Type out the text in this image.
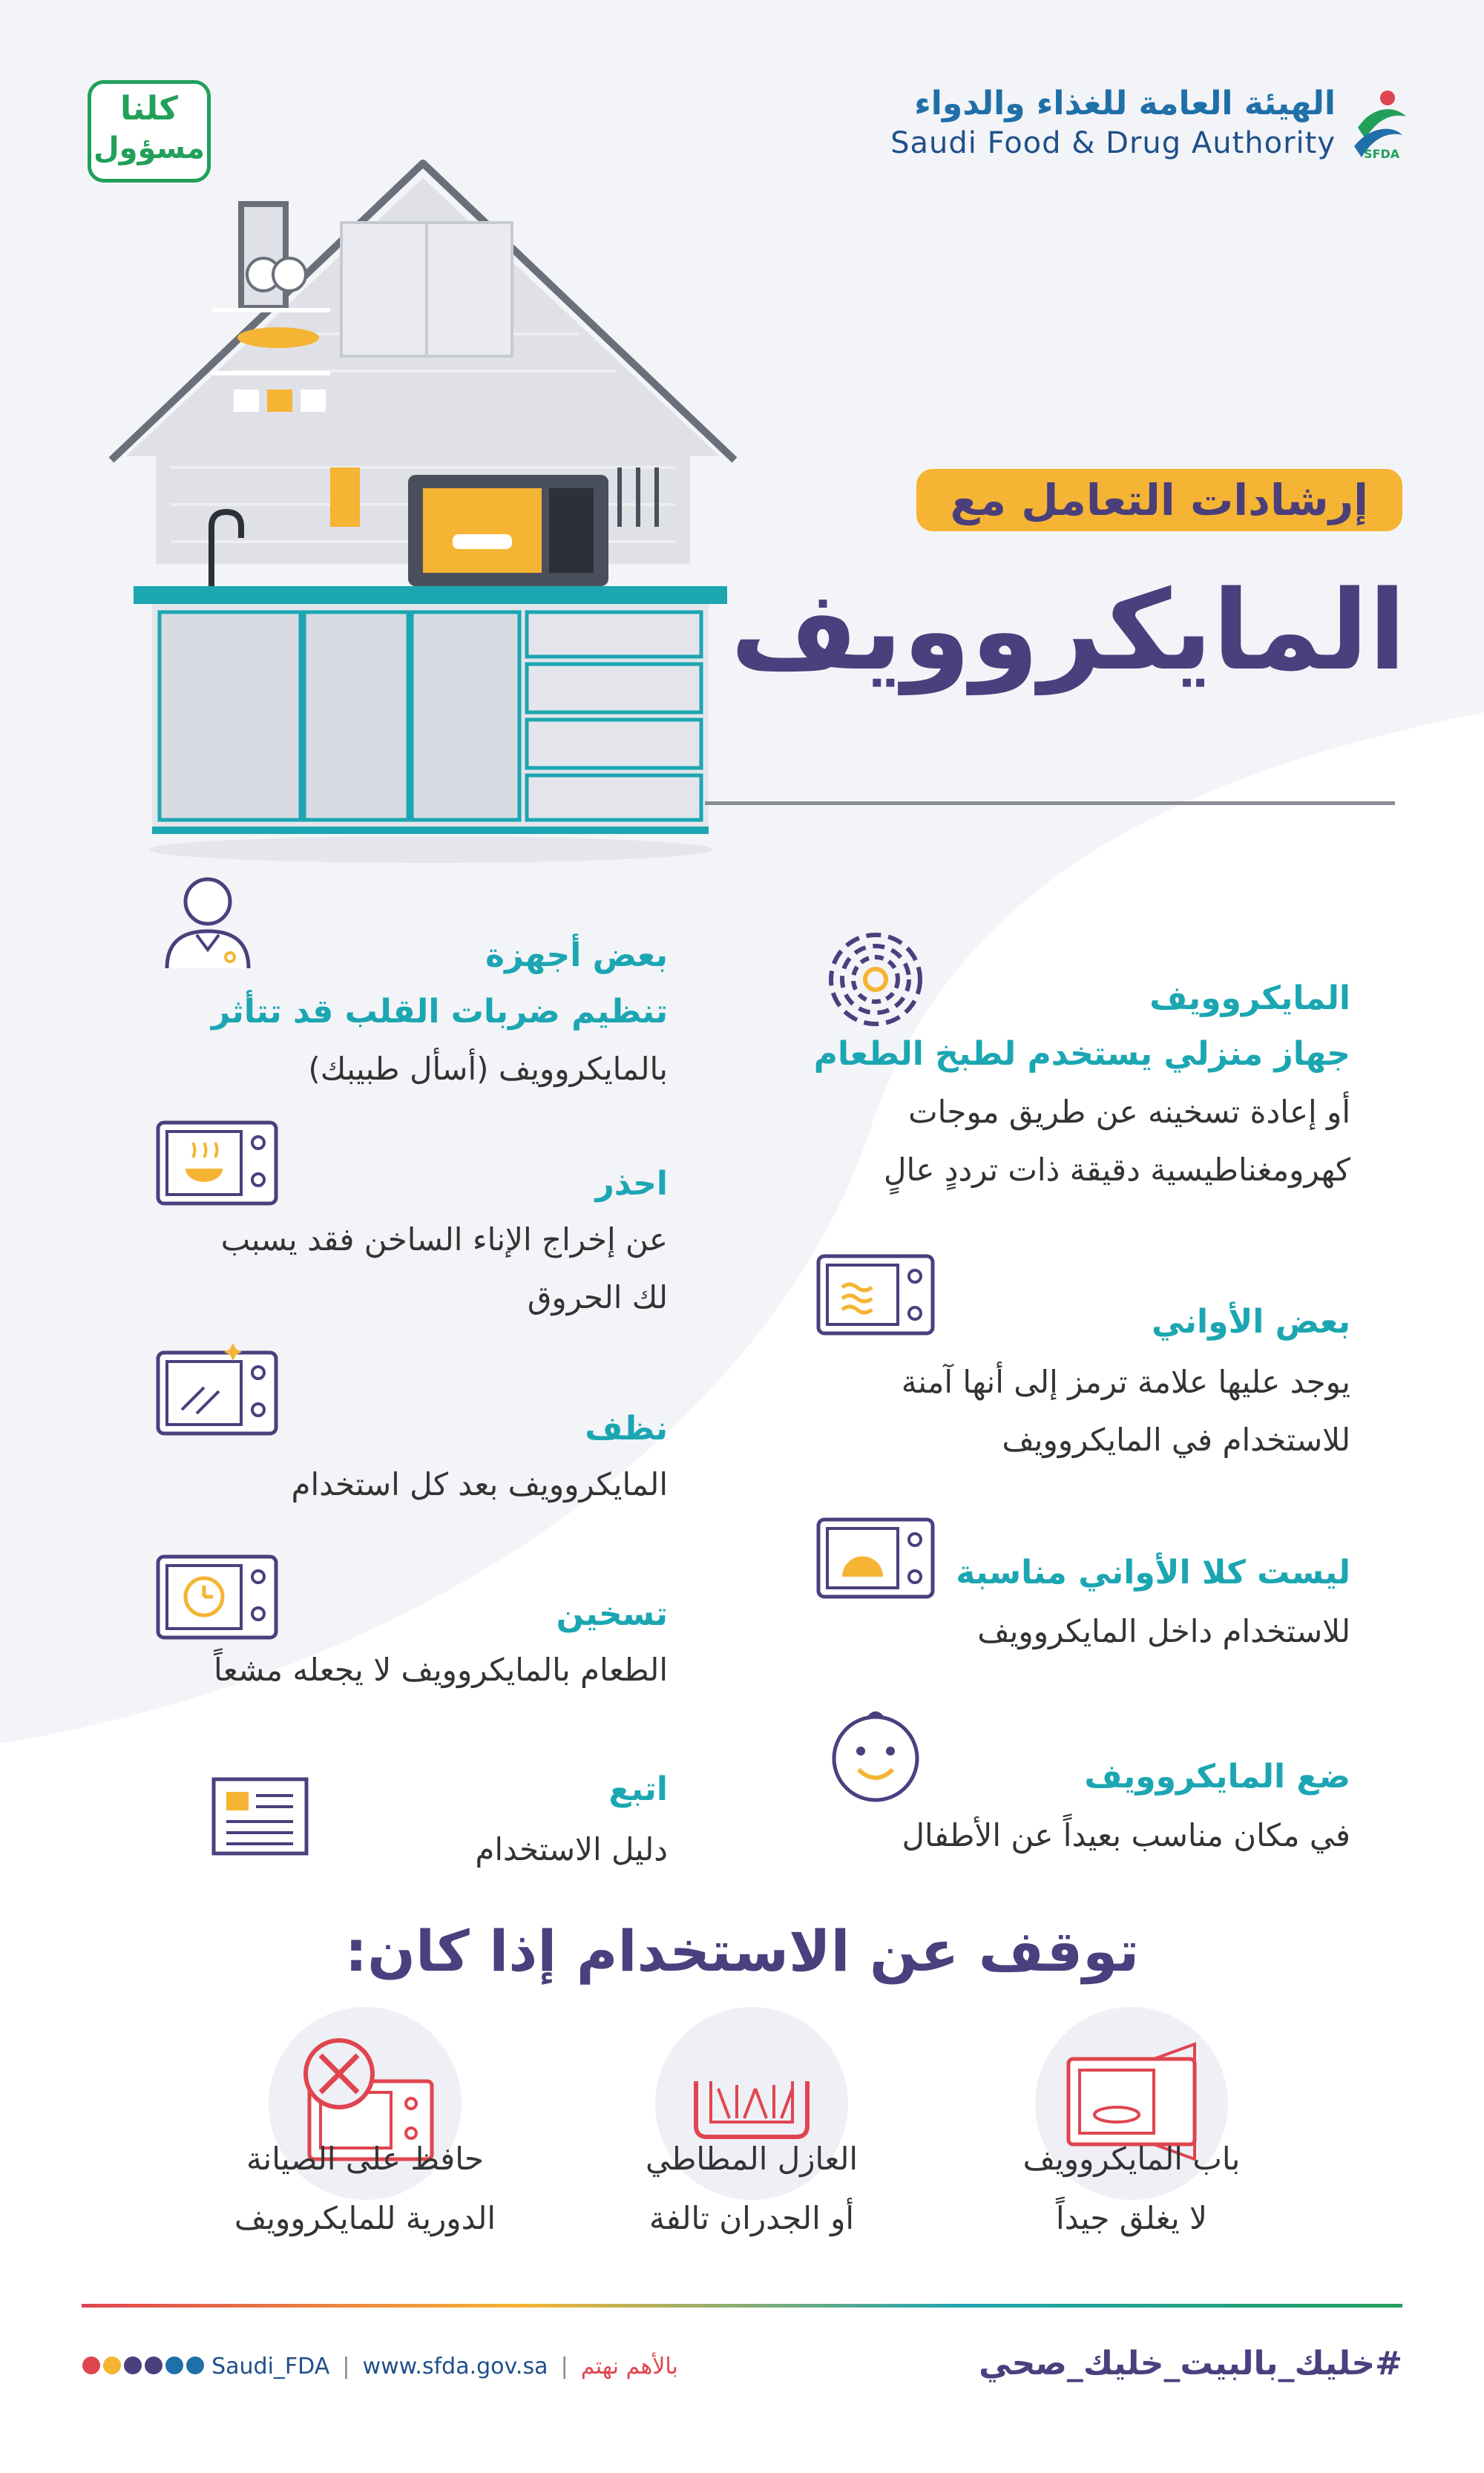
كلنا
مسؤول	SFDA
الهيئة العامة للغذاء والدواء
Saudi Food & Drug Authority
إرشادات التعامل مع
المايكروويف
المايكروويف
جهاز منزلي يستخدم لطبخ الطعام
أو إعادة تسخينه عن طريق موجات
كهرومغناطيسية دقيقة ذات ترددٍ عالٍ
بعض الأواني
يوجد عليها علامة ترمز إلى أنها آمنة
للاستخدام في المايكروويف
ليست كلا الأواني مناسبة
للاستخدام داخل المايكروويف
ضع المايكروويف
في مكان مناسب بعيداً عن الأطفال
بعض أجهزة
تنظيم ضربات القلب قد تتأثر
بالمايكروويف (أسأل طبيبك)
احذر
عن إخراج الإناء الساخن فقد يسبب
لك الحروق
نظف
المايكروويف بعد كل استخدام
تسخين
الطعام بالمايكروويف لا يجعله مشعاً
اتبع
دليل الاستخدام
توقف عن الاستخدام إذا كان:
باب المايكروويف
لا يغلق جيداً
العازل المطاطي
أو الجدران تالفة
حافظ على الصيانة
الدورية للمايكروويف
#خليك_بالبيت_خليك_صحي
Saudi_FDA | www.sfda.gov.sa | بالأهم نهتم
